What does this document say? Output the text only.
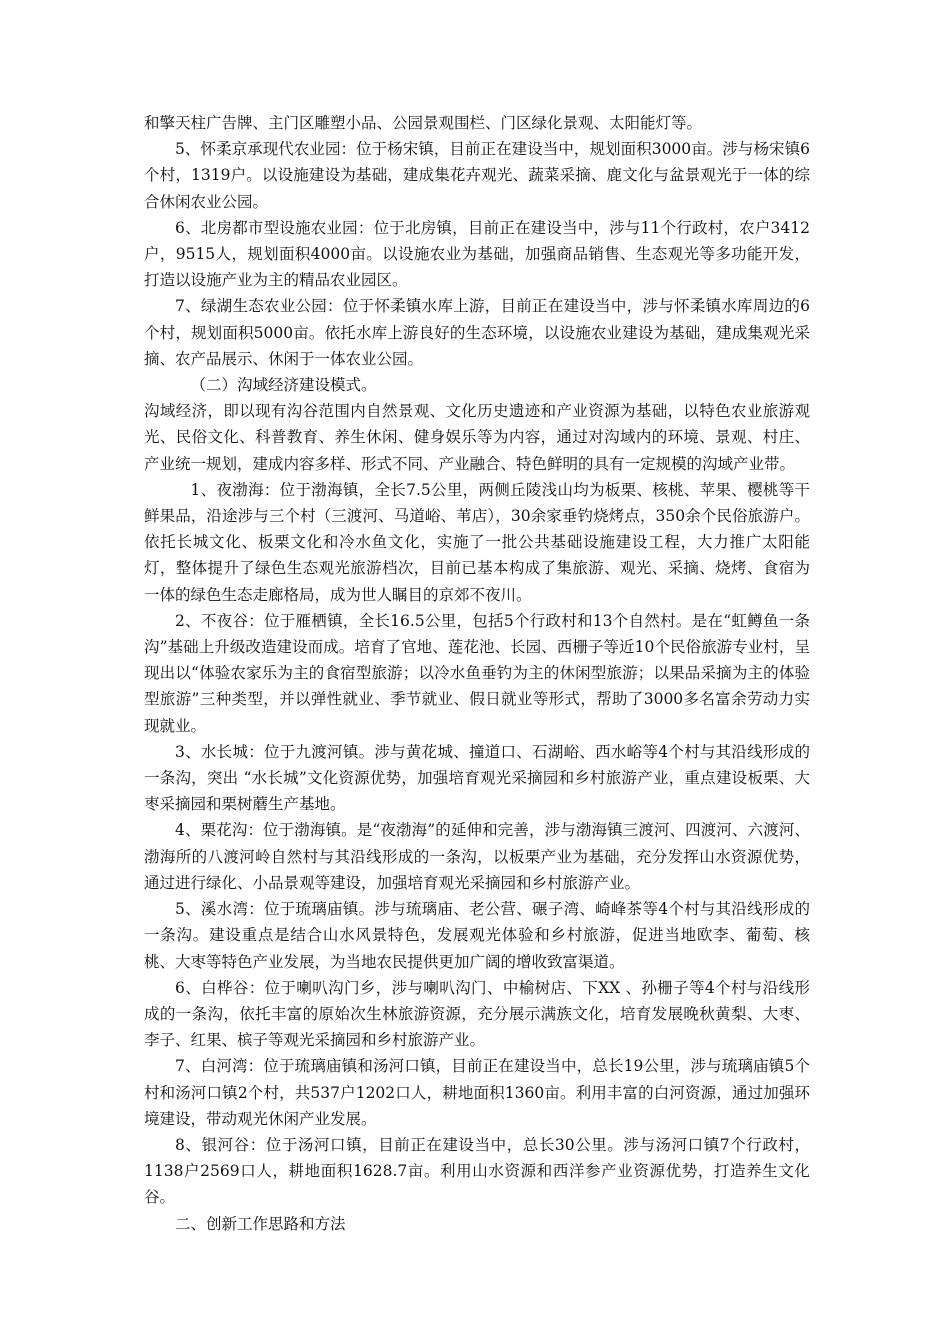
和擎天柱广告牌、主门区雕塑小品、公园景观围栏、门区绿化景观、太阳能灯等。

5、怀柔京承现代农业园：位于杨宋镇，目前正在建设当中，规划面积3000亩。涉与杨宋镇6个村，1319户。以设施建设为基础，建成集花卉观光、蔬菜采摘、鹿文化与盆景观光于一体的综合休闲农业公园。

6、北房都市型设施农业园：位于北房镇，目前正在建设当中，涉与11个行政村，农户3412户，9515人，规划面积4000亩。以设施农业为基础，加强商品销售、生态观光等多功能开发，打造以设施产业为主的精品农业园区。

7、绿湖生态农业公园：位于怀柔镇水库上游，目前正在建设当中，涉与怀柔镇水库周边的6个村，规划面积5000亩。依托水库上游良好的生态环境，以设施农业建设为基础，建成集观光采摘、农产品展示、休闲于一体农业公园。

（二）沟域经济建设模式。

沟域经济，即以现有沟谷范围内自然景观、文化历史遗迹和产业资源为基础，以特色农业旅游观光、民俗文化、科普教育、养生休闲、健身娱乐等为内容，通过对沟域内的环境、景观、村庄、产业统一规划，建成内容多样、形式不同、产业融合、特色鲜明的具有一定规模的沟域产业带。

1、夜渤海：位于渤海镇，全长7.5公里，两侧丘陵浅山均为板栗、核桃、苹果、樱桃等干鲜果品，沿途涉与三个村（三渡河、马道峪、苇店），30余家垂钓烧烤点，350余个民俗旅游户。依托长城文化、板栗文化和冷水鱼文化，实施了一批公共基础设施建设工程，大力推广太阳能灯，整体提升了绿色生态观光旅游档次，目前已基本构成了集旅游、观光、采摘、烧烤、食宿为一体的绿色生态走廊格局，成为世人瞩目的京郊不夜川。

2、不夜谷：位于雁栖镇，全长16.5公里，包括5个行政村和13个自然村。是在“虹鳟鱼一条沟”基础上升级改造建设而成。培育了官地、莲花池、长园、西栅子等近10个民俗旅游专业村，呈现出以“体验农家乐为主的食宿型旅游；以冷水鱼垂钓为主的休闲型旅游；以果品采摘为主的体验型旅游”三种类型，并以弹性就业、季节就业、假日就业等形式，帮助了3000多名富余劳动力实现就业。

3、水长城：位于九渡河镇。涉与黄花城、撞道口、石湖峪、西水峪等4个村与其沿线形成的一条沟，突出 “水长城”文化资源优势，加强培育观光采摘园和乡村旅游产业，重点建设板栗、大枣采摘园和栗树蘑生产基地。

4、栗花沟：位于渤海镇。是“夜渤海”的延伸和完善，涉与渤海镇三渡河、四渡河、六渡河、渤海所的八渡河岭自然村与其沿线形成的一条沟，以板栗产业为基础，充分发挥山水资源优势，通过进行绿化、小品景观等建设，加强培育观光采摘园和乡村旅游产业。

5、溪水湾：位于琉璃庙镇。涉与琉璃庙、老公营、碾子湾、崎峰茶等4个村与其沿线形成的一条沟。建设重点是结合山水风景特色，发展观光体验和乡村旅游，促进当地欧李、葡萄、核桃、大枣等特色产业发展，为当地农民提供更加广阔的增收致富渠道。

6、白桦谷：位于喇叭沟门乡，涉与喇叭沟门、中榆树店、下XX 、孙栅子等4个村与沿线形成的一条沟，依托丰富的原始次生林旅游资源，充分展示满族文化，培育发展晚秋黄梨、大枣、李子、红果、槟子等观光采摘园和乡村旅游产业。

7、白河湾：位于琉璃庙镇和汤河口镇，目前正在建设当中，总长19公里，涉与琉璃庙镇5个村和汤河口镇2个村，共537户1202口人，耕地面积1360亩。利用丰富的白河资源，通过加强环境建设，带动观光休闲产业发展。

8、银河谷：位于汤河口镇，目前正在建设当中，总长30公里。涉与汤河口镇7个行政村， 1138户2569口人，耕地面积1628.7亩。利用山水资源和西洋参产业资源优势，打造养生文化谷。

二、创新工作思路和方法
